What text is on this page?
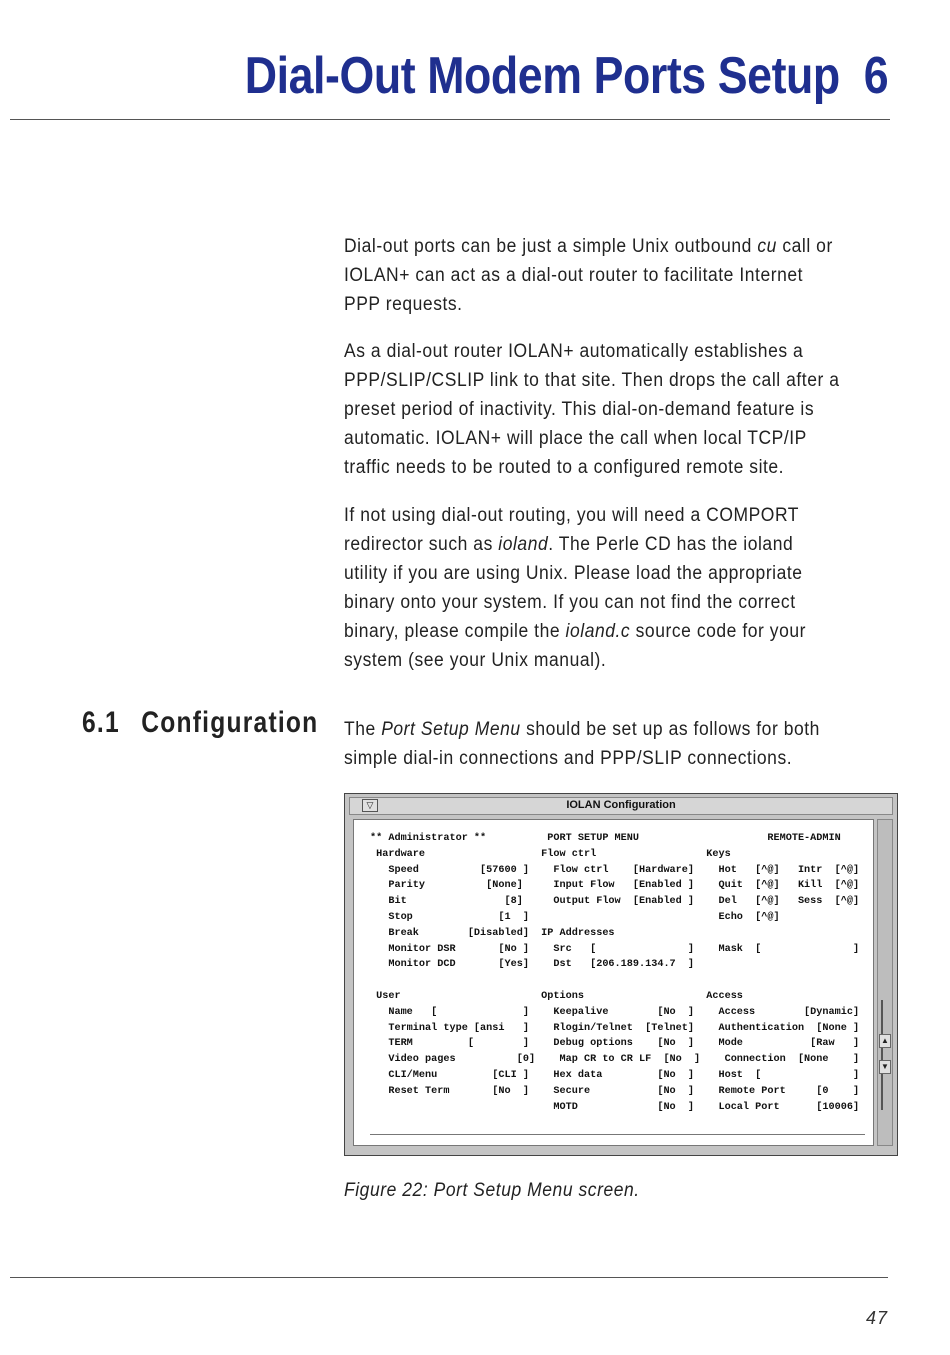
Dial-Out Modem Ports Setup 6

Dial-out ports can be just a simple Unix outbound cu call or IOLAN+ can act as a dial-out router to facilitate Internet PPP requests.

As a dial-out router IOLAN+ automatically establishes a PPP/SLIP/CSLIP link to that site. Then drops the call after a preset period of inactivity. This dial-on-demand feature is automatic. IOLAN+ will place the call when local TCP/IP traffic needs to be routed to a configured remote site.

If not using dial-out routing, you will need a COMPORT redirector such as ioland. The Perle CD has the ioland utility if you are using Unix. Please load the appropriate binary onto your system. If you can not find the correct binary, please compile the ioland.c source code for your system (see your Unix manual).

6.1 Configuration The Port Setup Menu should be set up as follows for both simple dial-in connections and PPP/SLIP connections.

▽	IOLAN Configuration
** Administrator **          PORT SETUP MENU                     REMOTE-ADMIN
Hardware                   Flow ctrl                  Keys
Speed          [57600 ]    Flow ctrl    [Hardware]    Hot   [^@]   Intr  [^@]
Parity          [None]     Input Flow   [Enabled ]    Quit  [^@]   Kill  [^@]
Bit                [8]     Output Flow  [Enabled ]    Del   [^@]   Sess  [^@]
Stop              [1  ]                               Echo  [^@]
Break        [Disabled]  IP Addresses
Monitor DSR       [No ]    Src   [               ]    Mask  [               ]
Monitor DCD       [Yes]    Dst   [206.189.134.7  ]

User                       Options                    Access
Name   [              ]    Keepalive        [No  ]    Access        [Dynamic]
Terminal type [ansi   ]    Rlogin/Telnet  [Telnet]    Authentication  [None ]
TERM         [        ]    Debug options    [No  ]    Mode           [Raw   ]
Video pages          [0]    Map CR to CR LF  [No  ]    Connection  [None    ]
CLI/Menu         [CLI ]    Hex data         [No  ]    Host  [               ]
Reset Term       [No  ]    Secure           [No  ]    Remote Port     [0    ]
MOTD             [No  ]    Local Port      [10006]
▲
▼

Figure 22: Port Setup Menu screen.

47
